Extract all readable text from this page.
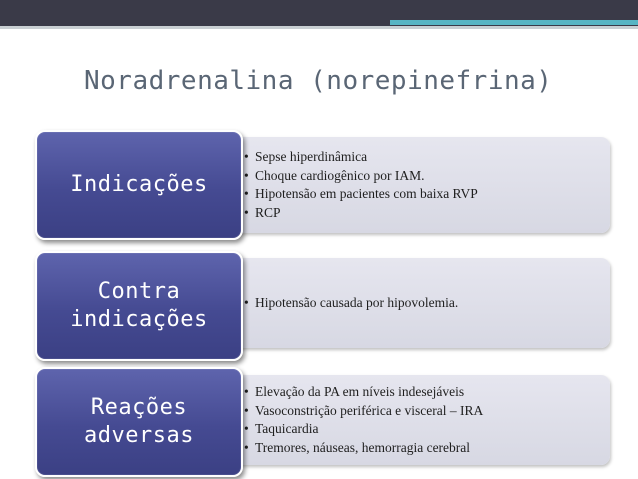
Noradrenalina (norepinefrina)
• Sepse hiperdinâmica
• Choque cardiogênico por IAM.
• Hipotensão em pacientes com baixa RVP
• RCP
Indicações
• Hipotensão causada por hipovolemia.
Contra
indicações
• Elevação da PA em níveis indesejáveis
• Vasoconstrição periférica e visceral – IRA
• Taquicardia
• Tremores, náuseas, hemorragia cerebral
Reações
adversas
